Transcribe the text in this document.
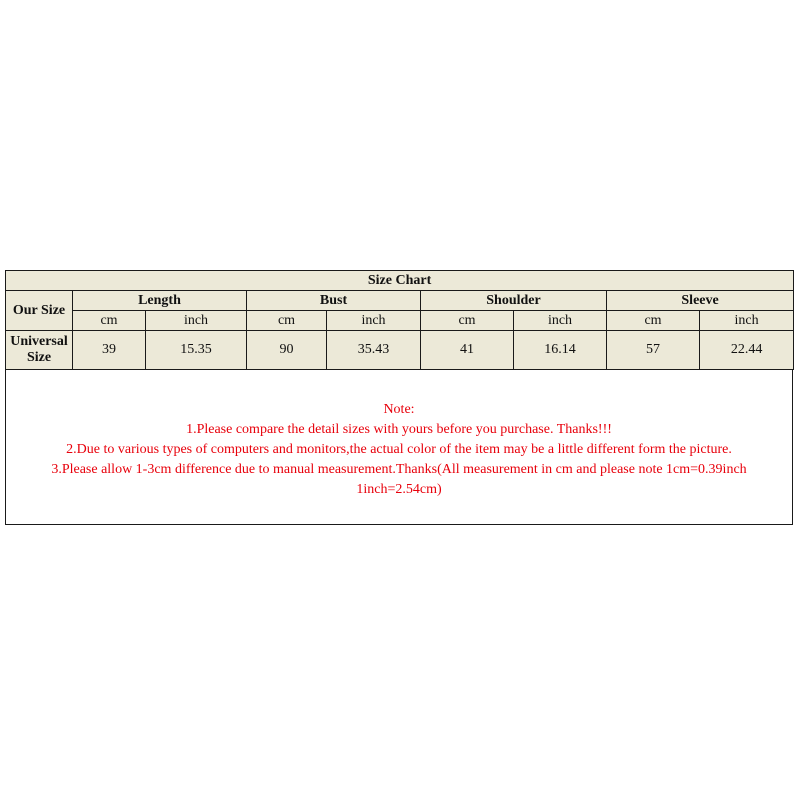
Size Chart								
Our Size	Length		Bust		Shoulder		Sleeve	
	cm	inch	cm	inch	cm	inch	cm	inch
Universal
Size	39	15.35	90	35.43	41	16.14	57	22.44
Note:
1.Please compare the detail sizes with yours before you purchase. Thanks!!!
2.Due to various types of computers and monitors,the actual color of the item may be a little different form the picture.
3.Please allow 1-3cm difference due to manual measurement.Thanks(All measurement in cm and please note 1cm=0.39inch
1inch=2.54cm)
